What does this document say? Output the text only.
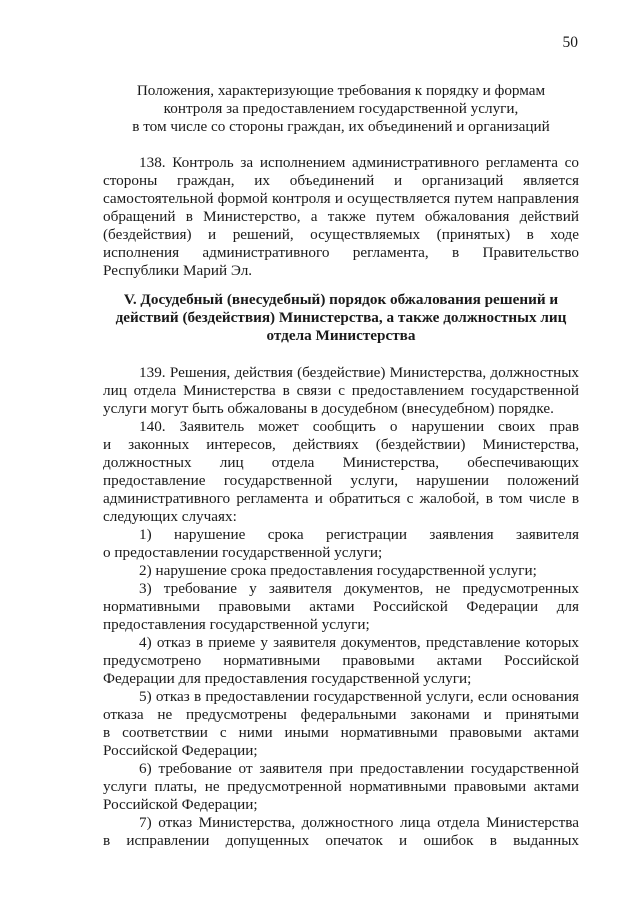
50

Положения, характеризующие требования к порядку и формам

контроля за предоставлением государственной услуги,

в том числе со стороны граждан, их объединений и организаций

138. Контроль за исполнением административного регламента со

стороны граждан, их объединений и организаций является

самостоятельной формой контроля и осуществляется путем направления

обращений в Министерство, а также путем обжалования действий

(бездействия) и решений, осуществляемых (принятых) в ходе

исполнения административного регламента, в Правительство

Республики Марий Эл.

V. Досудебный (внесудебный) порядок обжалования решений и

действий (бездействия) Министерства, а также должностных лиц

отдела Министерства

139. Решения, действия (бездействие) Министерства, должностных

лиц отдела Министерства в связи с предоставлением государственной

услуги могут быть обжалованы в досудебном (внесудебном) порядке.

140. Заявитель может сообщить о нарушении своих прав

и законных интересов, действиях (бездействии) Министерства,

должностных лиц отдела Министерства, обеспечивающих

предоставление государственной услуги, нарушении положений

административного регламента и обратиться с жалобой, в том числе в

следующих случаях:

1) нарушение срока регистрации заявления заявителя

о предоставлении государственной услуги;

2) нарушение срока предоставления государственной услуги;

3) требование у заявителя документов, не предусмотренных

нормативными правовыми актами Российской Федерации для

предоставления государственной услуги;

4) отказ в приеме у заявителя документов, представление которых

предусмотрено нормативными правовыми актами Российской

Федерации для предоставления государственной услуги;

5) отказ в предоставлении государственной услуги, если основания

отказа не предусмотрены федеральными законами и принятыми

в соответствии с ними иными нормативными правовыми актами

Российской Федерации;

6) требование от заявителя при предоставлении государственной

услуги платы, не предусмотренной нормативными правовыми актами

Российской Федерации;

7) отказ Министерства, должностного лица отдела Министерства

в исправлении допущенных опечаток и ошибок в выданных
